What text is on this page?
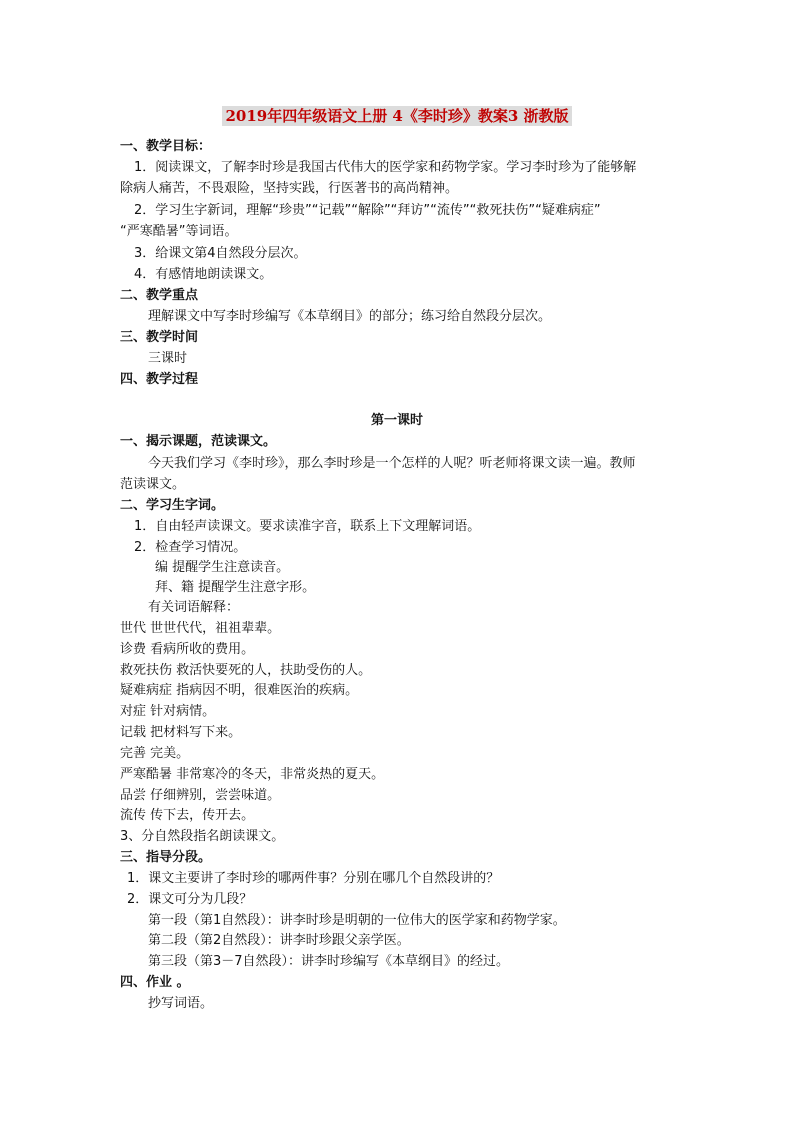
2019年四年级语文上册 4《李时珍》教案3 浙教版
一、教学目标：
1．阅读课文，了解李时珍是我国古代伟大的医学家和药物学家。学习李时珍为了能够解
除病人痛苦，不畏艰险，坚持实践，行医著书的高尚精神。
2．学习生字新词，理解“珍贵”“记载”“解除”“拜访”“流传”“救死扶伤”“疑难病症”
“严寒酷暑”等词语。
3．给课文第4自然段分层次。
4．有感情地朗读课文。
二、教学重点
理解课文中写李时珍编写《本草纲目》的部分；练习给自然段分层次。
三、教学时间
三课时
四、教学过程
第一课时
一、揭示课题，范读课文。
今天我们学习《李时珍》，那么李时珍是一个怎样的人呢？听老师将课文读一遍。教师
范读课文。
二、学习生字词。
1．自由轻声读课文。要求读准字音，联系上下文理解词语。
2．检查学习情况。
编 提醒学生注意读音。
拜、籍 提醒学生注意字形。
有关词语解释：
世代 世世代代，祖祖辈辈。
诊费 看病所收的费用。
救死扶伤 救活快要死的人，扶助受伤的人。
疑难病症 指病因不明，很难医治的疾病。
对症 针对病情。
记载 把材料写下来。
完善 完美。
严寒酷暑 非常寒冷的冬天，非常炎热的夏天。
品尝 仔细辨别，尝尝味道。
流传 传下去，传开去。
3、分自然段指名朗读课文。
三、指导分段。
1．课文主要讲了李时珍的哪两件事？分别在哪几个自然段讲的？
2．课文可分为几段？
第一段（第1自然段）：讲李时珍是明朝的一位伟大的医学家和药物学家。
第二段（第2自然段）：讲李时珍跟父亲学医。
第三段（第3－7自然段）：讲李时珍编写《本草纲目》的经过。
四、作业 。
抄写词语。
